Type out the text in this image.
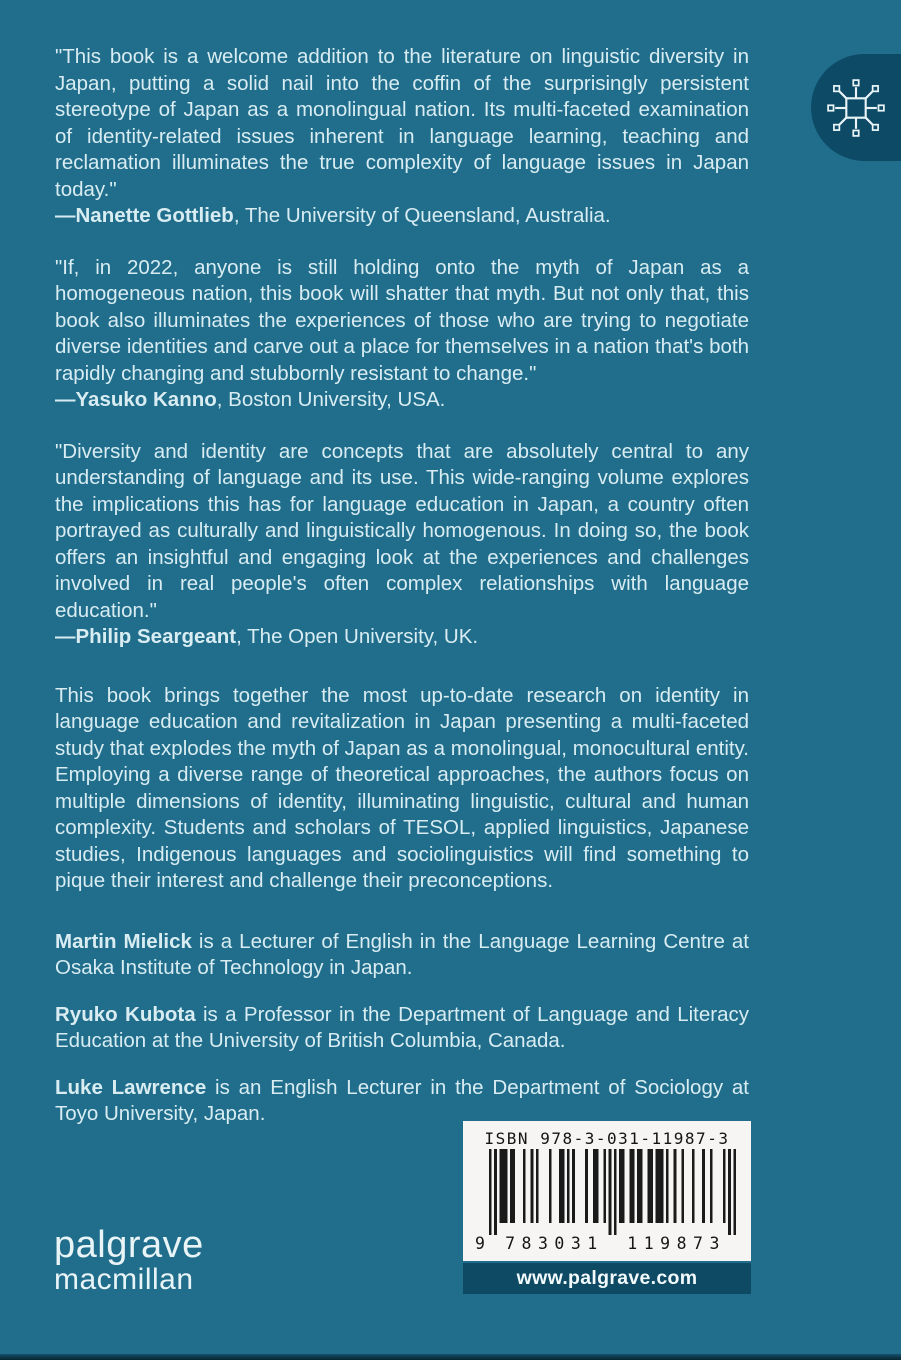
"This book is a welcome addition to the literature on linguistic diversity in Japan, putting a solid nail into the coffin of the surprisingly persistent stereotype of Japan as a monolingual nation. Its multi-faceted examination of identity-related issues inherent in language learning, teaching and reclamation illuminates the true complexity of language issues in Japan today."

—Nanette Gottlieb, The University of Queensland, Australia.

"If, in 2022, anyone is still holding onto the myth of Japan as a homogeneous nation, this book will shatter that myth. But not only that, this book also illuminates the experiences of those who are trying to negotiate diverse identities and carve out a place for themselves in a nation that's both rapidly changing and stubbornly resistant to change."

—Yasuko Kanno, Boston University, USA.

"Diversity and identity are concepts that are absolutely central to any understanding of language and its use. This wide-ranging volume explores the implications this has for language education in Japan, a country often portrayed as culturally and linguistically homogenous. In doing so, the book offers an insightful and engaging look at the experiences and challenges involved in real people's often complex relationships with language education."

—Philip Seargeant, The Open University, UK.

This book brings together the most up-to-date research on identity in language education and revitalization in Japan presenting a multi-faceted study that explodes the myth of Japan as a monolingual, monocultural entity. Employing a diverse range of theoretical approaches, the authors focus on multiple dimensions of identity, illuminating linguistic, cultural and human complexity. Students and scholars of TESOL, applied linguistics, Japanese studies, Indigenous languages and sociolinguistics will find something to pique their interest and challenge their preconceptions.

Martin Mielick is a Lecturer of English in the Language Learning Centre at Osaka Institute of Technology in Japan.

Ryuko Kubota is a Professor in the Department of Language and Literacy Education at the University of British Columbia, Canada.

Luke Lawrence is an English Lecturer in the Department of Sociology at Toyo University, Japan.

ISBN 978-3-031-11987-3
9 783031 119873
www.palgrave.com
palgrave
macmillan
